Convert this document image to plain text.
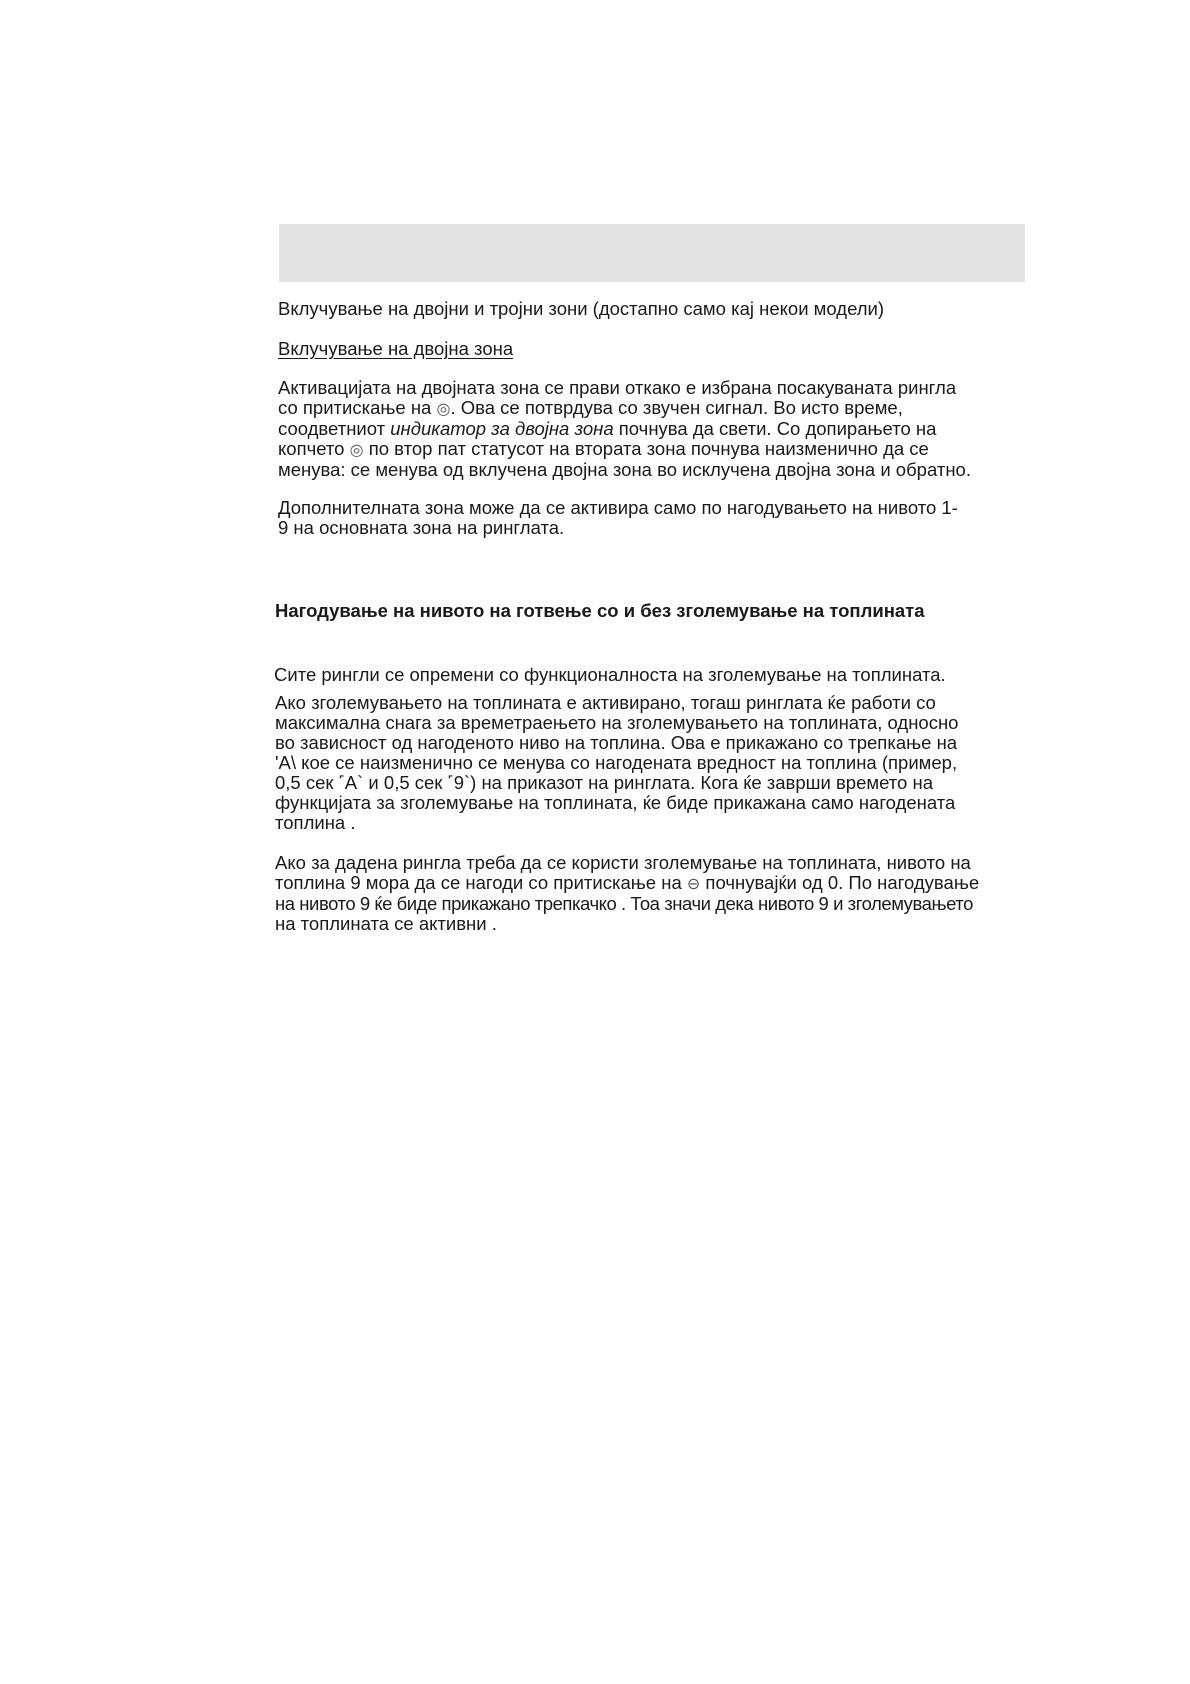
Вклучување на двојни и тројни зони (достапно само кај некои модели)
Вклучување на двојна зона
Активацијата на двојната зона се прави откако е избрана посакуваната рингла
со притискање на ◎. Ова се потврдува со звучен сигнал. Во исто време,
соодветниот индикатор за двојна зона почнува да свети. Со допирањето на
копчето ◎ по втор пат статусот на втората зона почнува наизменично да се
менува: се менува од вклучена двојна зона во исклучена двојна зона и обратно.
Дополнителната зона може да се активира само по нагодувањето на нивото 1-
9 на основната зона на ринглата.
Нагодување на нивото на готвење со и без зголемување на топлината
Сите рингли се опремени со функционалноста на зголемување на топлината.
Ако зголемувањето на топлината е активирано, тогаш ринглата ќе работи со
максимална снага за времетраењето на зголемувањето на топлината, односно
во зависност од нагоденото ниво на топлина. Ова е прикажано со трепкање на
'A\ кое се наизменично се менува со нагодената вредност на топлина (пример,
0,5 сек ˹A` и 0,5 сек ˹9`) на приказот на ринглата. Кога ќе заврши времето на
функцијата за зголемување на топлината, ќе биде прикажана само нагодената
топлина .
Ако за дадена рингла треба да се користи зголемување на топлината, нивото на
топлина 9 мора да се нагоди со притискање на ⊖ почнувајќи од 0. По нагодување
на нивото 9 ќе биде прикажано трепкачко . Тоа значи дека нивото 9 и зголемувањето
на топлината се активни .
